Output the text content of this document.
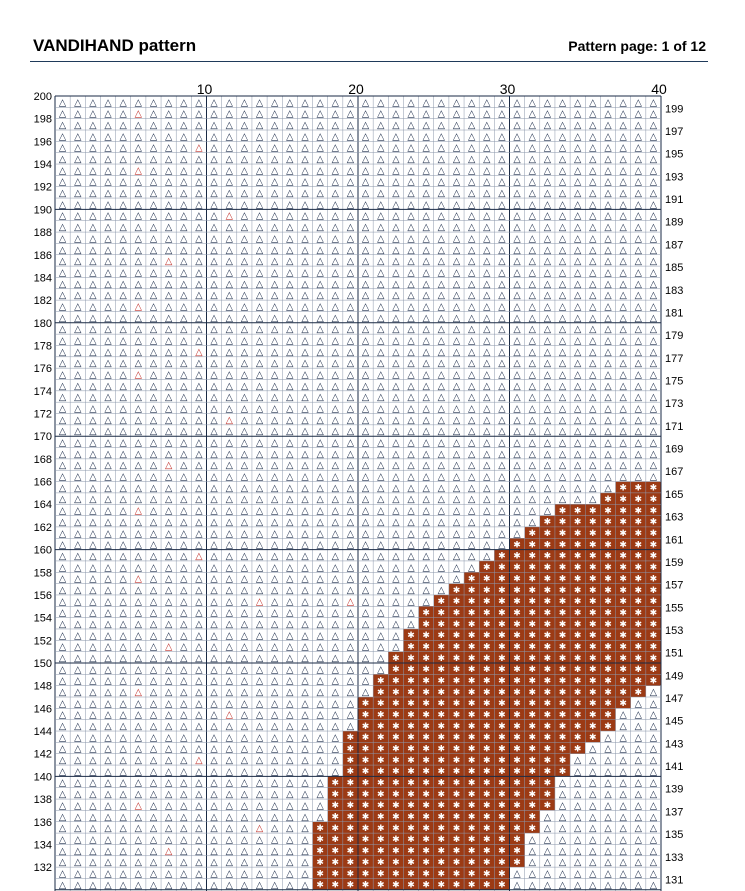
VANDIHAND pattern	Pattern page: 1 of 12
△ △ △ △ △ △ △ △ △ △ △ △ △ △ △ △ △ △ △ △ △ △ △ △ △ △ △ △ △ △ △ △ △ △ △ △ △ △ △ △
△ △ △ △ △ △ △ △ △ △ △ △ △ △ △ △ △ △ △ △ △ △ △ △ △ △ △ △ △ △ △ △ △ △ △ △ △ △ △ △
△ △ △ △ △ △ △ △ △ △ △ △ △ △ △ △ △ △ △ △ △ △ △ △ △ △ △ △ △ △ △ △ △ △ △ △ △ △ △ △
△ △ △ △ △ △ △ △ △ △ △ △ △ △ △ △ △ △ △ △ △ △ △ △ △ △ △ △ △ △ △ △ △ △ △ △ △ △ △ △
△ △ △ △ △ △ △ △ △ △ △ △ △ △ △ △ △ △ △ △ △ △ △ △ △ △ △ △ △ △ △ △ △ △ △ △ △ △ △ △
△ △ △ △ △ △ △ △ △ △ △ △ △ △ △ △ △ △ △ △ △ △ △ △ △ △ △ △ △ △ △ △ △ △ △ △ △ △ △ △
△ △ △ △ △ △ △ △ △ △ △ △ △ △ △ △ △ △ △ △ △ △ △ △ △ △ △ △ △ △ △ △ △ △ △ △ △ △ △ △
△ △ △ △ △ △ △ △ △ △ △ △ △ △ △ △ △ △ △ △ △ △ △ △ △ △ △ △ △ △ △ △ △ △ △ △ △ △ △ △
△ △ △ △ △ △ △ △ △ △ △ △ △ △ △ △ △ △ △ △ △ △ △ △ △ △ △ △ △ △ △ △ △ △ △ △ △ △ △ △
△ △ △ △ △ △ △ △ △ △ △ △ △ △ △ △ △ △ △ △ △ △ △ △ △ △ △ △ △ △ △ △ △ △ △ △ △ △ △ △
△ △ △ △ △ △ △ △ △ △ △ △ △ △ △ △ △ △ △ △ △ △ △ △ △ △ △ △ △ △ △ △ △ △ △ △ △ △ △ △
△ △ △ △ △ △ △ △ △ △ △ △ △ △ △ △ △ △ △ △ △ △ △ △ △ △ △ △ △ △ △ △ △ △ △ △ △ △ △ △
△ △ △ △ △ △ △ △ △ △ △ △ △ △ △ △ △ △ △ △ △ △ △ △ △ △ △ △ △ △ △ △ △ △ △ △ △ △ △ △
△ △ △ △ △ △ △ △ △ △ △ △ △ △ △ △ △ △ △ △ △ △ △ △ △ △ △ △ △ △ △ △ △ △ △ △ △ △ △ △
△ △ △ △ △ △ △ △ △ △ △ △ △ △ △ △ △ △ △ △ △ △ △ △ △ △ △ △ △ △ △ △ △ △ △ △ △ △ △ △
△ △ △ △ △ △ △ △ △ △ △ △ △ △ △ △ △ △ △ △ △ △ △ △ △ △ △ △ △ △ △ △ △ △ △ △ △ △ △ △
△ △ △ △ △ △ △ △ △ △ △ △ △ △ △ △ △ △ △ △ △ △ △ △ △ △ △ △ △ △ △ △ △ △ △ △ △ △ △ △
△ △ △ △ △ △ △ △ △ △ △ △ △ △ △ △ △ △ △ △ △ △ △ △ △ △ △ △ △ △ △ △ △ △ △ △ △ △ △ △
△ △ △ △ △ △ △ △ △ △ △ △ △ △ △ △ △ △ △ △ △ △ △ △ △ △ △ △ △ △ △ △ △ △ △ △ △ △ △ △
△ △ △ △ △ △ △ △ △ △ △ △ △ △ △ △ △ △ △ △ △ △ △ △ △ △ △ △ △ △ △ △ △ △ △ △ △ △ △ △
△ △ △ △ △ △ △ △ △ △ △ △ △ △ △ △ △ △ △ △ △ △ △ △ △ △ △ △ △ △ △ △ △ △ △ △ △ △ △ △
△ △ △ △ △ △ △ △ △ △ △ △ △ △ △ △ △ △ △ △ △ △ △ △ △ △ △ △ △ △ △ △ △ △ △ △ △ △ △ △
△ △ △ △ △ △ △ △ △ △ △ △ △ △ △ △ △ △ △ △ △ △ △ △ △ △ △ △ △ △ △ △ △ △ △ △ △ △ △ △
△ △ △ △ △ △ △ △ △ △ △ △ △ △ △ △ △ △ △ △ △ △ △ △ △ △ △ △ △ △ △ △ △ △ △ △ △ △ △ △
△ △ △ △ △ △ △ △ △ △ △ △ △ △ △ △ △ △ △ △ △ △ △ △ △ △ △ △ △ △ △ △ △ △ △ △ △ △ △ △
△ △ △ △ △ △ △ △ △ △ △ △ △ △ △ △ △ △ △ △ △ △ △ △ △ △ △ △ △ △ △ △ △ △ △ △ △ △ △ △
△ △ △ △ △ △ △ △ △ △ △ △ △ △ △ △ △ △ △ △ △ △ △ △ △ △ △ △ △ △ △ △ △ △ △ △ △ △ △ △
△ △ △ △ △ △ △ △ △ △ △ △ △ △ △ △ △ △ △ △ △ △ △ △ △ △ △ △ △ △ △ △ △ △ △ △ △ △ △ △
△ △ △ △ △ △ △ △ △ △ △ △ △ △ △ △ △ △ △ △ △ △ △ △ △ △ △ △ △ △ △ △ △ △ △ △ △ △ △ △
△ △ △ △ △ △ △ △ △ △ △ △ △ △ △ △ △ △ △ △ △ △ △ △ △ △ △ △ △ △ △ △ △ △ △ △ △ △ △ △
△ △ △ △ △ △ △ △ △ △ △ △ △ △ △ △ △ △ △ △ △ △ △ △ △ △ △ △ △ △ △ △ △ △ △ △ △ △ △ △
△ △ △ △ △ △ △ △ △ △ △ △ △ △ △ △ △ △ △ △ △ △ △ △ △ △ △ △ △ △ △ △ △ △ △ △ △ △ △ △
△ △ △ △ △ △ △ △ △ △ △ △ △ △ △ △ △ △ △ △ △ △ △ △ △ △ △ △ △ △ △ △ △ △ △ △ △ △ △ △
△ △ △ △ △ △ △ △ △ △ △ △ △ △ △ △ △ △ △ △ △ △ △ △ △ △ △ △ △ △ △ △ △ △ △ △ △ △ △ △
△ △ △ △ △ △ △ △ △ △ △ △ △ △ △ △ △ △ △ △ △ △ △ △ △ △ △ △ △ △ △ △ △ △ △ △ △ ✱ ✱ ✱
△ △ △ △ △ △ △ △ △ △ △ △ △ △ △ △ △ △ △ △ △ △ △ △ △ △ △ △ △ △ △ △ △ △ △ △ ✱ ✱ ✱ ✱
△ △ △ △ △ △ △ △ △ △ △ △ △ △ △ △ △ △ △ △ △ △ △ △ △ △ △ △ △ △ △ △ △ ✱ ✱ ✱ ✱ ✱ ✱ ✱
△ △ △ △ △ △ △ △ △ △ △ △ △ △ △ △ △ △ △ △ △ △ △ △ △ △ △ △ △ △ △ △ ✱ ✱ ✱ ✱ ✱ ✱ ✱ ✱
△ △ △ △ △ △ △ △ △ △ △ △ △ △ △ △ △ △ △ △ △ △ △ △ △ △ △ △ △ △ △ ✱ ✱ ✱ ✱ ✱ ✱ ✱ ✱ ✱
△ △ △ △ △ △ △ △ △ △ △ △ △ △ △ △ △ △ △ △ △ △ △ △ △ △ △ △ △ △ ✱ ✱ ✱ ✱ ✱ ✱ ✱ ✱ ✱ ✱
△ △ △ △ △ △ △ △ △ △ △ △ △ △ △ △ △ △ △ △ △ △ △ △ △ △ △ △ △ ✱ ✱ ✱ ✱ ✱ ✱ ✱ ✱ ✱ ✱ ✱
△ △ △ △ △ △ △ △ △ △ △ △ △ △ △ △ △ △ △ △ △ △ △ △ △ △ △ △ ✱ ✱ ✱ ✱ ✱ ✱ ✱ ✱ ✱ ✱ ✱ ✱
△ △ △ △ △ △ △ △ △ △ △ △ △ △ △ △ △ △ △ △ △ △ △ △ △ △ △ ✱ ✱ ✱ ✱ ✱ ✱ ✱ ✱ ✱ ✱ ✱ ✱ ✱
△ △ △ △ △ △ △ △ △ △ △ △ △ △ △ △ △ △ △ △ △ △ △ △ △ △ ✱ ✱ ✱ ✱ ✱ ✱ ✱ ✱ ✱ ✱ ✱ ✱ ✱ ✱
△ △ △ △ △ △ △ △ △ △ △ △ △ △ △ △ △ △ △ △ △ △ △ △ △ ✱ ✱ ✱ ✱ ✱ ✱ ✱ ✱ ✱ ✱ ✱ ✱ ✱ ✱ ✱
△ △ △ △ △ △ △ △ △ △ △ △ △ △ △ △ △ △ △ △ △ △ △ △ ✱ ✱ ✱ ✱ ✱ ✱ ✱ ✱ ✱ ✱ ✱ ✱ ✱ ✱ ✱ ✱
△ △ △ △ △ △ △ △ △ △ △ △ △ △ △ △ △ △ △ △ △ △ △ △ ✱ ✱ ✱ ✱ ✱ ✱ ✱ ✱ ✱ ✱ ✱ ✱ ✱ ✱ ✱ ✱
△ △ △ △ △ △ △ △ △ △ △ △ △ △ △ △ △ △ △ △ △ △ △ ✱ ✱ ✱ ✱ ✱ ✱ ✱ ✱ ✱ ✱ ✱ ✱ ✱ ✱ ✱ ✱ ✱
△ △ △ △ △ △ △ △ △ △ △ △ △ △ △ △ △ △ △ △ △ △ △ ✱ ✱ ✱ ✱ ✱ ✱ ✱ ✱ ✱ ✱ ✱ ✱ ✱ ✱ ✱ ✱ ✱
△ △ △ △ △ △ △ △ △ △ △ △ △ △ △ △ △ △ △ △ △ △ ✱ ✱ ✱ ✱ ✱ ✱ ✱ ✱ ✱ ✱ ✱ ✱ ✱ ✱ ✱ ✱ ✱ ✱
△ △ △ △ △ △ △ △ △ △ △ △ △ △ △ △ △ △ △ △ △ △ ✱ ✱ ✱ ✱ ✱ ✱ ✱ ✱ ✱ ✱ ✱ ✱ ✱ ✱ ✱ ✱ ✱ ✱
△ △ △ △ △ △ △ △ △ △ △ △ △ △ △ △ △ △ △ △ △ ✱ ✱ ✱ ✱ ✱ ✱ ✱ ✱ ✱ ✱ ✱ ✱ ✱ ✱ ✱ ✱ ✱ ✱ ✱
△ △ △ △ △ △ △ △ △ △ △ △ △ △ △ △ △ △ △ △ △ ✱ ✱ ✱ ✱ ✱ ✱ ✱ ✱ ✱ ✱ ✱ ✱ ✱ ✱ ✱ ✱ ✱ ✱ △
△ △ △ △ △ △ △ △ △ △ △ △ △ △ △ △ △ △ △ △ ✱ ✱ ✱ ✱ ✱ ✱ ✱ ✱ ✱ ✱ ✱ ✱ ✱ ✱ ✱ ✱ ✱ ✱ △ △
△ △ △ △ △ △ △ △ △ △ △ △ △ △ △ △ △ △ △ △ ✱ ✱ ✱ ✱ ✱ ✱ ✱ ✱ ✱ ✱ ✱ ✱ ✱ ✱ ✱ ✱ ✱ △ △ △
△ △ △ △ △ △ △ △ △ △ △ △ △ △ △ △ △ △ △ △ ✱ ✱ ✱ ✱ ✱ ✱ ✱ ✱ ✱ ✱ ✱ ✱ ✱ ✱ ✱ ✱ ✱ △ △ △
△ △ △ △ △ △ △ △ △ △ △ △ △ △ △ △ △ △ △ ✱ ✱ ✱ ✱ ✱ ✱ ✱ ✱ ✱ ✱ ✱ ✱ ✱ ✱ ✱ ✱ ✱ △ △ △ △
△ △ △ △ △ △ △ △ △ △ △ △ △ △ △ △ △ △ △ ✱ ✱ ✱ ✱ ✱ ✱ ✱ ✱ ✱ ✱ ✱ ✱ ✱ ✱ ✱ ✱ △ △ △ △ △
△ △ △ △ △ △ △ △ △ △ △ △ △ △ △ △ △ △ △ ✱ ✱ ✱ ✱ ✱ ✱ ✱ ✱ ✱ ✱ ✱ ✱ ✱ ✱ ✱ △ △ △ △ △ △
△ △ △ △ △ △ △ △ △ △ △ △ △ △ △ △ △ △ △ ✱ ✱ ✱ ✱ ✱ ✱ ✱ ✱ ✱ ✱ ✱ ✱ ✱ ✱ ✱ △ △ △ △ △ △
△ △ △ △ △ △ △ △ △ △ △ △ △ △ △ △ △ △ ✱ ✱ ✱ ✱ ✱ ✱ ✱ ✱ ✱ ✱ ✱ ✱ ✱ ✱ ✱ △ △ △ △ △ △ △
△ △ △ △ △ △ △ △ △ △ △ △ △ △ △ △ △ △ ✱ ✱ ✱ ✱ ✱ ✱ ✱ ✱ ✱ ✱ ✱ ✱ ✱ ✱ ✱ △ △ △ △ △ △ △
△ △ △ △ △ △ △ △ △ △ △ △ △ △ △ △ △ △ ✱ ✱ ✱ ✱ ✱ ✱ ✱ ✱ ✱ ✱ ✱ ✱ ✱ ✱ ✱ △ △ △ △ △ △ △
△ △ △ △ △ △ △ △ △ △ △ △ △ △ △ △ △ △ ✱ ✱ ✱ ✱ ✱ ✱ ✱ ✱ ✱ ✱ ✱ ✱ ✱ ✱ △ △ △ △ △ △ △ △
△ △ △ △ △ △ △ △ △ △ △ △ △ △ △ △ △ ✱ ✱ ✱ ✱ ✱ ✱ ✱ ✱ ✱ ✱ ✱ ✱ ✱ ✱ ✱ △ △ △ △ △ △ △ △
△ △ △ △ △ △ △ △ △ △ △ △ △ △ △ △ △ ✱ ✱ ✱ ✱ ✱ ✱ ✱ ✱ ✱ ✱ ✱ ✱ ✱ ✱ △ △ △ △ △ △ △ △ △
△ △ △ △ △ △ △ △ △ △ △ △ △ △ △ △ △ ✱ ✱ ✱ ✱ ✱ ✱ ✱ ✱ ✱ ✱ ✱ ✱ ✱ ✱ △ △ △ △ △ △ △ △ △
△ △ △ △ △ △ △ △ △ △ △ △ △ △ △ △ △ ✱ ✱ ✱ ✱ ✱ ✱ ✱ ✱ ✱ ✱ ✱ ✱ ✱ ✱ △ △ △ △ △ △ △ △ △
△ △ △ △ △ △ △ △ △ △ △ △ △ △ △ △ △ ✱ ✱ ✱ ✱ ✱ ✱ ✱ ✱ ✱ ✱ ✱ ✱ ✱ △ △ △ △ △ △ △ △ △ △
△ △ △ △ △ △ △ △ △ △ △ △ △ △ △ △ △ ✱ ✱ ✱ ✱ ✱ ✱ ✱ ✱ ✱ ✱ ✱ ✱ ✱ △ △ △ △ △ △ △ △ △ △
10	20	30	40
200
199
198
197
196
195
194
193
192
191
190
189
188
187
186
185
184
183
182
181
180
179
178
177
176
175
174
173
172
171
170
169
168
167
166
165
164
163
162
161
160
159
158
157
156
155
154
153
152
151
150
149
148
147
146
145
144
143
142
141
140
139
138
137
136
135
134
133
132
131
